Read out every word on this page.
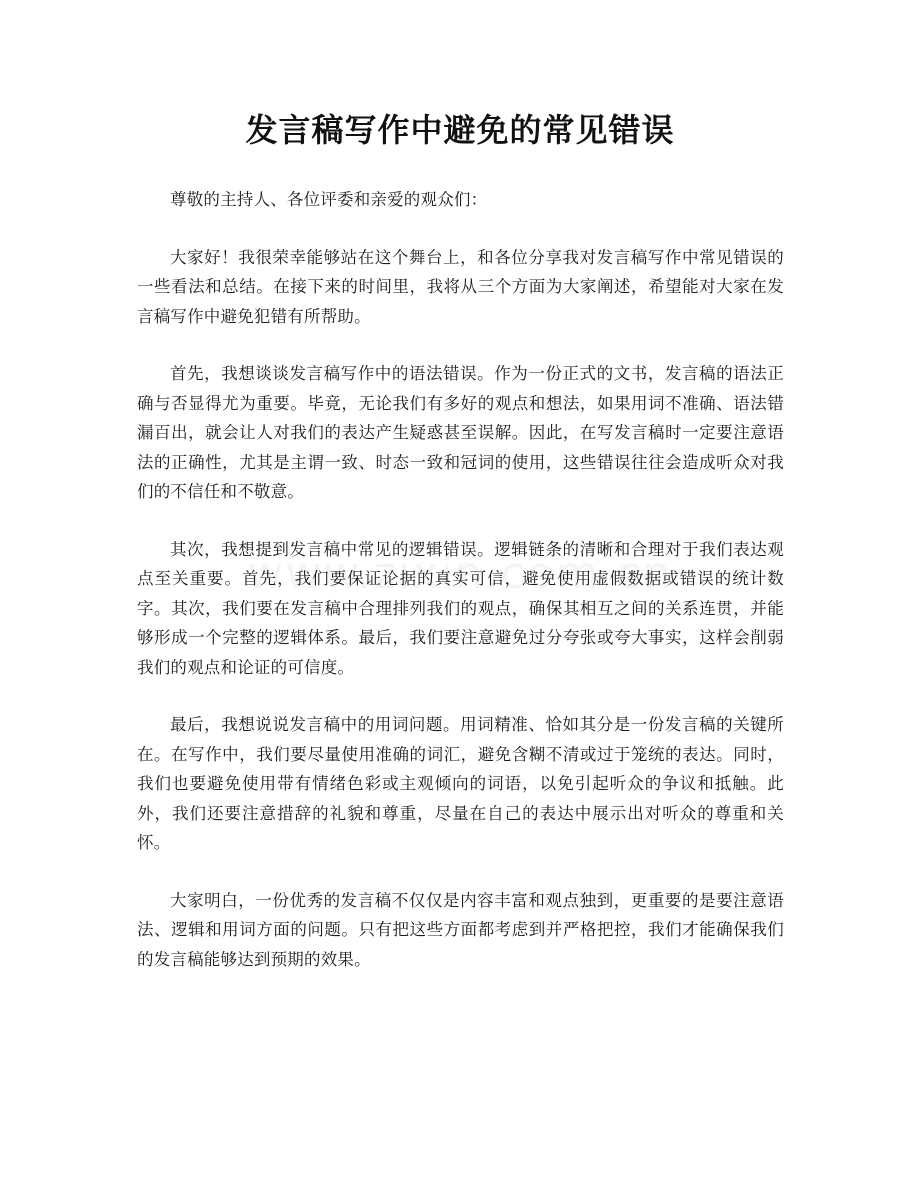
发言稿写作中避免的常见错误

尊敬的主持人、各位评委和亲爱的观众们：

大家好！我很荣幸能够站在这个舞台上，和各位分享我对发言稿写作中常见错误的一些看法和总结。在接下来的时间里，我将从三个方面为大家阐述，希望能对大家在发言稿写作中避免犯错有所帮助。

首先，我想谈谈发言稿写作中的语法错误。作为一份正式的文书，发言稿的语法正确与否显得尤为重要。毕竟，无论我们有多好的观点和想法，如果用词不准确、语法错漏百出，就会让人对我们的表达产生疑惑甚至误解。因此，在写发言稿时一定要注意语法的正确性，尤其是主谓一致、时态一致和冠词的使用，这些错误往往会造成听众对我们的不信任和不敬意。

其次，我想提到发言稿中常见的逻辑错误。逻辑链条的清晰和合理对于我们表达观点至关重要。首先，我们要保证论据的真实可信，避免使用虚假数据或错误的统计数字。其次，我们要在发言稿中合理排列我们的观点，确保其相互之间的关系连贯，并能够形成一个完整的逻辑体系。最后，我们要注意避免过分夸张或夸大事实，这样会削弱我们的观点和论证的可信度。

最后，我想说说发言稿中的用词问题。用词精准、恰如其分是一份发言稿的关键所在。在写作中，我们要尽量使用准确的词汇，避免含糊不清或过于笼统的表达。同时，我们也要避免使用带有情绪色彩或主观倾向的词语，以免引起听众的争议和抵触。此外，我们还要注意措辞的礼貌和尊重，尽量在自己的表达中展示出对听众的尊重和关怀。

大家明白，一份优秀的发言稿不仅仅是内容丰富和观点独到，更重要的是要注意语法、逻辑和用词方面的问题。只有把这些方面都考虑到并严格把控，我们才能确保我们的发言稿能够达到预期的效果。
